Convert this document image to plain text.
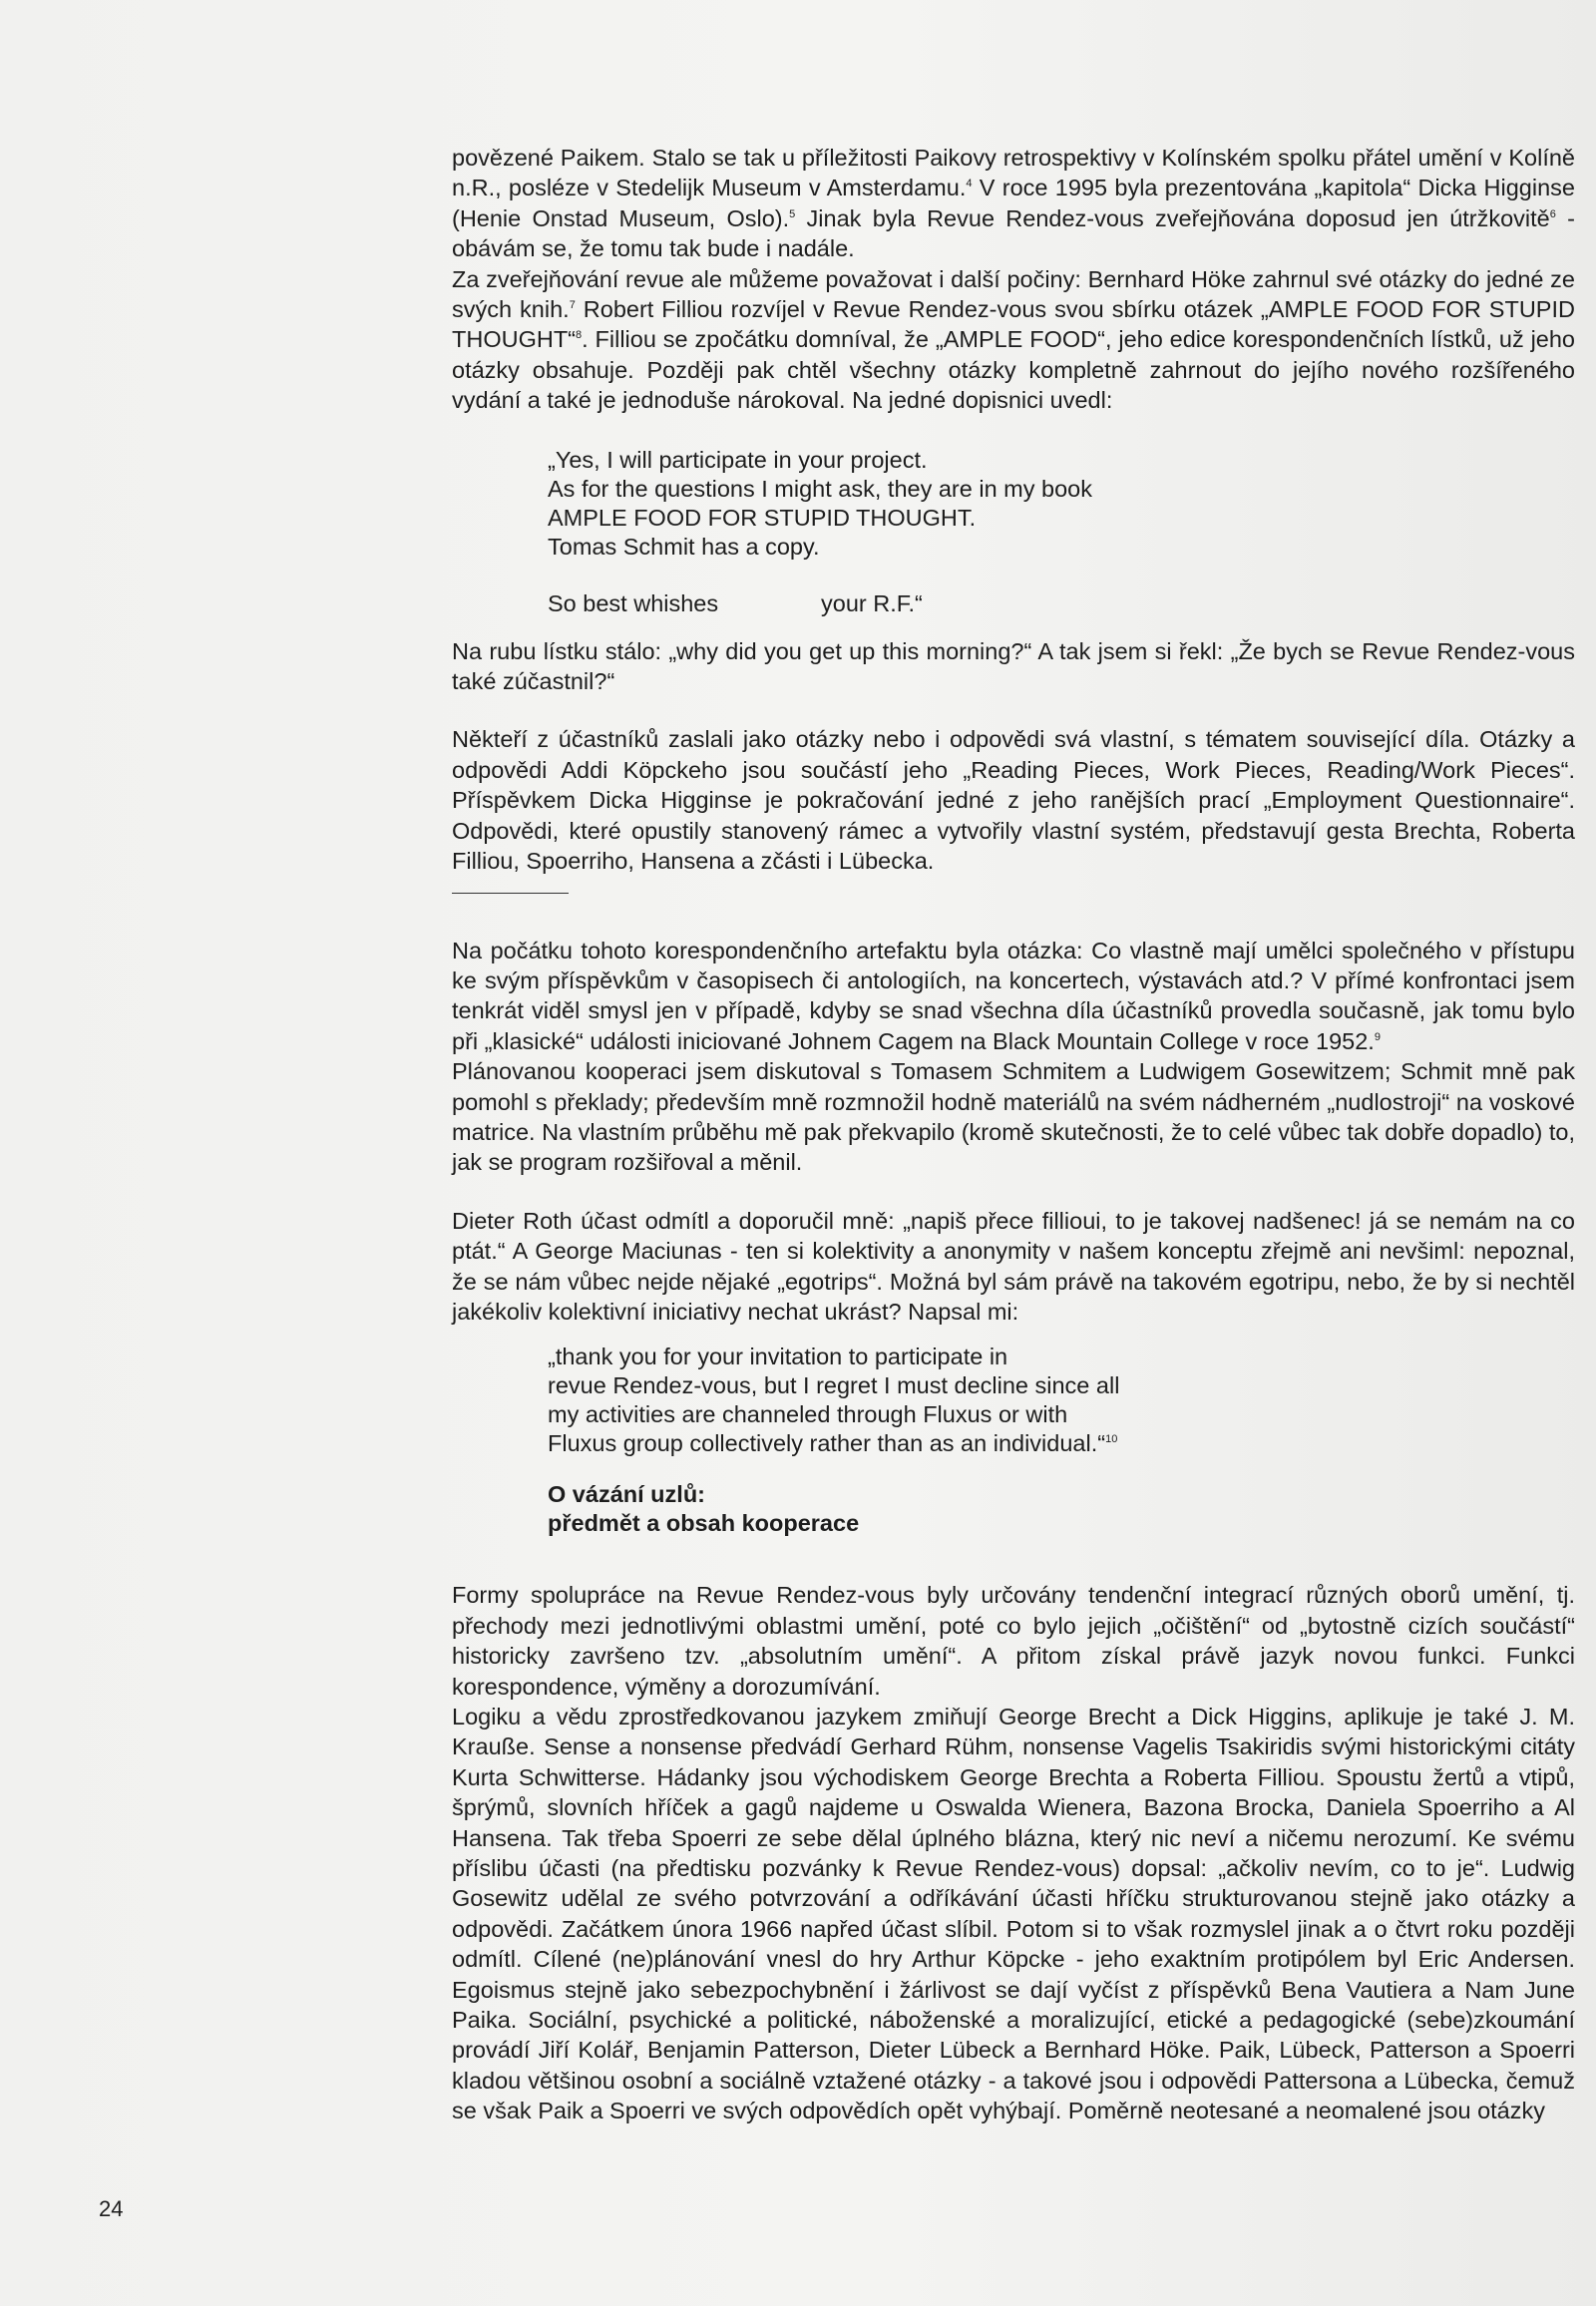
povězené Paikem. Stalo se tak u příležitosti Paikovy retrospektivy v Kolínském spolku přátel umění v Kolíně n.R., posléze v Stedelijk Museum v Amsterdamu.$^4$ V roce 1995 byla prezentována „kapitola“ Dicka Higginse (Henie Onstad Museum, Oslo).$^5$ Jinak byla Revue Rendez-vous zveřejňována doposud jen útržkovitě$^6$ - obávám se, že tomu tak bude i nadále.

Za zveřejňování revue ale můžeme považovat i další počiny: Bernhard Höke zahrnul své otázky do jedné ze svých knih.$^7$ Robert Filliou rozvíjel v Revue Rendez-vous svou sbírku otázek „AMPLE FOOD FOR STUPID THOUGHT“$^8$. Filliou se zpočátku domníval, že „AMPLE FOOD“, jeho edice korespondenčních lístků, už jeho otázky obsahuje. Později pak chtěl všechny otázky kompletně zahrnout do jejího nového rozšířeného vydání a také je jednoduše nárokoval. Na jedné dopisnici uvedl:

„Yes, I will participate in your project.
As for the questions I might ask, they are in my book
AMPLE FOOD FOR STUPID THOUGHT.
Tomas Schmit has a copy.
So best whishes	your R.F.“

Na rubu lístku stálo: „why did you get up this morning?“ A tak jsem si řekl: „Že bych se Revue Rendez-vous také zúčastnil?“

Někteří z účastníků zaslali jako otázky nebo i odpovědi svá vlastní, s tématem související díla. Otázky a odpovědi Addi Köpckeho jsou součástí jeho „Reading Pieces, Work Pieces, Reading/Work Pieces“. Příspěvkem Dicka Higginse je pokračování jedné z jeho ranějších prací „Employment Questionnaire“. Odpovědi, které opustily stanovený rámec a vytvořily vlastní systém, představují gesta Brechta, Roberta Filliou, Spoerriho, Hansena a zčásti i Lübecka.

Na počátku tohoto korespondenčního artefaktu byla otázka: Co vlastně mají umělci společného v přístupu ke svým příspěvkům v časopisech či antologiích, na koncertech, výstavách atd.? V přímé konfrontaci jsem tenkrát viděl smysl jen v případě, kdyby se snad všechna díla účastníků provedla současně, jak tomu bylo při „klasické“ události iniciované Johnem Cagem na Black Mountain College v roce 1952.$^9$

Plánovanou kooperaci jsem diskutoval s Tomasem Schmitem a Ludwigem Gosewitzem; Schmit mně pak pomohl s překlady; především mně rozmnožil hodně materiálů na svém nádherném „nudlostroji“ na voskové matrice. Na vlastním průběhu mě pak překvapilo (kromě skutečnosti, že to celé vůbec tak dobře dopadlo) to, jak se program rozšiřoval a měnil.

Dieter Roth účast odmítl a doporučil mně: „napiš přece fillioui, to je takovej nadšenec! já se nemám na co ptát.“ A George Maciunas - ten si kolektivity a anonymity v našem konceptu zřejmě ani nevšiml: nepoznal, že se nám vůbec nejde nějaké „egotrips“. Možná byl sám právě na takovém egotripu, nebo, že by si nechtěl jakékoliv kolektivní iniciativy nechat ukrást? Napsal mi:

„thank you for your invitation to participate in
revue Rendez-vous, but I regret I must decline since all
my activities are channeled through Fluxus or with
Fluxus group collectively rather than as an individual.“$^{10}$
O vázání uzlů:
předmět a obsah kooperace

Formy spolupráce na Revue Rendez-vous byly určovány tendenční integrací různých oborů umění, tj. přechody mezi jednotlivými oblastmi umění, poté co bylo jejich „očištění“ od „bytostně cizích součástí“ historicky završeno tzv. „absolutním umění“. A přitom získal právě jazyk novou funkci. Funkci korespondence, výměny a dorozumívání.

Logiku a vědu zprostředkovanou jazykem zmiňují George Brecht a Dick Higgins, aplikuje je také J. M. Krauße. Sense a nonsense předvádí Gerhard Rühm, nonsense Vagelis Tsakiridis svými historickými citáty Kurta Schwitterse. Hádanky jsou východiskem George Brechta a Roberta Filliou. Spoustu žertů a vtipů, šprýmů, slovních hříček a gagů najdeme u Oswalda Wienera, Bazona Brocka, Daniela Spoerriho a Al Hansena. Tak třeba Spoerri ze sebe dělal úplného blázna, který nic neví a ničemu nerozumí. Ke svému příslibu účasti (na předtisku pozvánky k Revue Rendez-vous) dopsal: „ačkoliv nevím, co to je“. Ludwig Gosewitz udělal ze svého potvrzování a odříkávání účasti hříčku strukturovanou stejně jako otázky a odpovědi. Začátkem února 1966 napřed účast slíbil. Potom si to však rozmyslel jinak a o čtvrt roku později odmítl. Cílené (ne)plánování vnesl do hry Arthur Köpcke - jeho exaktním protipólem byl Eric Andersen. Egoismus stejně jako sebezpochybnění i žárlivost se dají vyčíst z příspěvků Bena Vautiera a Nam June Paika. Sociální, psychické a politické, náboženské a moralizující, etické a pedagogické (sebe)zkoumání provádí Jiří Kolář, Benjamin Patterson, Dieter Lübeck a Bernhard Höke. Paik, Lübeck, Patterson a Spoerri kladou většinou osobní a sociálně vztažené otázky - a takové jsou i odpovědi Pattersona a Lübecka, čemuž se však Paik a Spoerri ve svých odpovědích opět vyhýbají. Poměrně neotesané a neomalené jsou otázky

24
